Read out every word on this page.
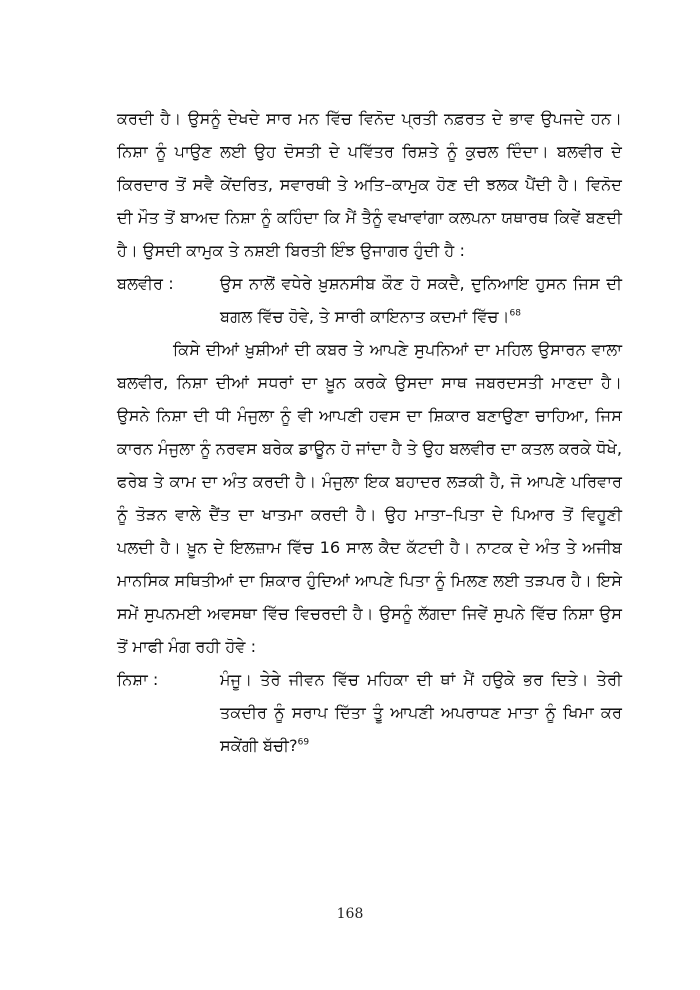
ਕਰਦੀ ਹੈ। ਉਸਨੂੰ ਦੇਖਦੇ ਸਾਰ ਮਨ ਵਿੱਚ ਵਿਨੋਦ ਪ੍ਰਤੀ ਨਫ਼ਰਤ ਦੇ ਭਾਵ ਉਪਜਦੇ ਹਨ। ਨਿਸ਼ਾ ਨੂੰ ਪਾਉਣ ਲਈ ਉਹ ਦੋਸਤੀ ਦੇ ਪਵਿੱਤਰ ਰਿਸ਼ਤੇ ਨੂੰ ਕੁਚਲ ਦਿੰਦਾ। ਬਲਵੀਰ ਦੇ ਕਿਰਦਾਰ ਤੋਂ ਸਵੈ ਕੇਂਦਰਿਤ, ਸਵਾਰਥੀ ਤੇ ਅਤਿ–ਕਾਮੁਕ ਹੋਣ ਦੀ ਝਲਕ ਪੈਂਦੀ ਹੈ। ਵਿਨੋਦ ਦੀ ਮੌਤ ਤੋਂ ਬਾਅਦ ਨਿਸ਼ਾ ਨੂੰ ਕਹਿੰਦਾ ਕਿ ਮੈਂ ਤੈਨੂੰ ਵਖਾਵਾਂਗਾ ਕਲਪਨਾ ਯਥਾਰਥ ਕਿਵੇਂ ਬਣਦੀ ਹੈ। ਉਸਦੀ ਕਾਮੁਕ ਤੇ ਨਸ਼ਈ ਬਿਰਤੀ ਇੰਝ ਉਜਾਗਰ ਹੁੰਦੀ ਹੈ :

ਬਲਵੀਰ :	ਉਸ ਨਾਲੋਂ ਵਧੇਰੇ ਖ਼ੁਸ਼ਨਸੀਬ ਕੌਣ ਹੋ ਸਕਦੈ, ਦੁਨਿਆਇ ਹੁਸਨ ਜਿਸ ਦੀ ਬਗਲ ਵਿੱਚ ਹੋਵੇ, ਤੇ ਸਾਰੀ ਕਾਇਨਾਤ ਕਦਮਾਂ ਵਿੱਚ।$^{68}$

ਕਿਸੇ ਦੀਆਂ ਖ਼ੁਸ਼ੀਆਂ ਦੀ ਕਬਰ ਤੇ ਆਪਣੇ ਸੁਪਨਿਆਂ ਦਾ ਮਹਿਲ ਉਸਾਰਨ ਵਾਲਾ ਬਲਵੀਰ, ਨਿਸ਼ਾ ਦੀਆਂ ਸਧਰਾਂ ਦਾ ਖ਼ੂਨ ਕਰਕੇ ਉਸਦਾ ਸਾਥ ਜਬਰਦਸਤੀ ਮਾਣਦਾ ਹੈ। ਉਸਨੇ ਨਿਸ਼ਾ ਦੀ ਧੀ ਮੰਜੁਲਾ ਨੂੰ ਵੀ ਆਪਣੀ ਹਵਸ ਦਾ ਸ਼ਿਕਾਰ ਬਣਾਉਣਾ ਚਾਹਿਆ, ਜਿਸ ਕਾਰਨ ਮੰਜੁਲਾ ਨੂੰ ਨਰਵਸ ਬਰੇਕ ਡਾਊਨ ਹੋ ਜਾਂਦਾ ਹੈ ਤੇ ਉਹ ਬਲਵੀਰ ਦਾ ਕਤਲ ਕਰਕੇ ਧੋਖੇ, ਫਰੇਬ ਤੇ ਕਾਮ ਦਾ ਅੰਤ ਕਰਦੀ ਹੈ। ਮੰਜੁਲਾ ਇਕ ਬਹਾਦਰ ਲੜਕੀ ਹੈ, ਜੋ ਆਪਣੇ ਪਰਿਵਾਰ ਨੂੰ ਤੋੜਨ ਵਾਲੇ ਦੈਂਤ ਦਾ ਖਾਤਮਾ ਕਰਦੀ ਹੈ। ਉਹ ਮਾਤਾ–ਪਿਤਾ ਦੇ ਪਿਆਰ ਤੋਂ ਵਿਹੂਣੀ ਪਲਦੀ ਹੈ। ਖ਼ੂਨ ਦੇ ਇਲਜ਼ਾਮ ਵਿੱਚ 16 ਸਾਲ ਕੈਦ ਕੱਟਦੀ ਹੈ। ਨਾਟਕ ਦੇ ਅੰਤ ਤੇ ਅਜੀਬ ਮਾਨਸਿਕ ਸਥਿਤੀਆਂ ਦਾ ਸ਼ਿਕਾਰ ਹੁੰਦਿਆਂ ਆਪਣੇ ਪਿਤਾ ਨੂੰ ਮਿਲਣ ਲਈ ਤੜਪਰ ਹੈ। ਇਸੇ ਸਮੇਂ ਸੁਪਨਮਈ ਅਵਸਥਾ ਵਿੱਚ ਵਿਚਰਦੀ ਹੈ। ਉਸਨੂੰ ਲੱਗਦਾ ਜਿਵੇਂ ਸੁਪਨੇ ਵਿੱਚ ਨਿਸ਼ਾ ਉਸ ਤੋਂ ਮਾਫੀ ਮੰਗ ਰਹੀ ਹੋਵੇ :

ਨਿਸ਼ਾ :	ਮੰਜੂ। ਤੇਰੇ ਜੀਵਨ ਵਿੱਚ ਮਹਿਕਾ ਦੀ ਥਾਂ ਮੈਂ ਹਉਕੇ ਭਰ ਦਿਤੇ। ਤੇਰੀ ਤਕਦੀਰ ਨੂੰ ਸਰਾਪ ਦਿੱਤਾ ਤੂੰ ਆਪਣੀ ਅਪਰਾਧਣ ਮਾਤਾ ਨੂੰ ਖਿਮਾ ਕਰ ਸਕੇਂਗੀ ਬੱਚੀ?$^{69}$
168
